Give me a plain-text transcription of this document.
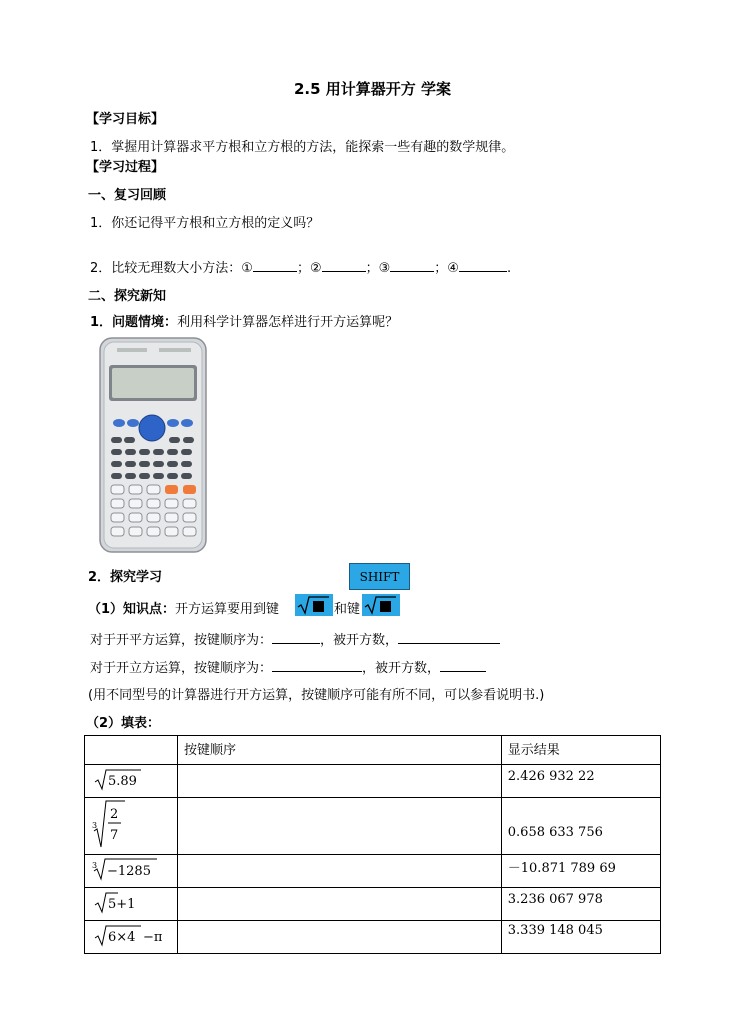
2.5 用计算器开方 学案
【学习目标】
1．掌握用计算器求平方根和立方根的方法，能探索一些有趣的数学规律。
【学习过程】
一、复习回顾
1．你还记得平方根和立方根的定义吗？
2．比较无理数大小方法：①	；②	；③	；④	.
二、探究新知
1．问题情境：利用科学计算器怎样进行开方运算呢？
2．探究学习	SHIFT
（1）知识点：开方运算要用到键	和键
对于开平方运算，按键顺序为：	，被开方数，
对于开立方运算，按键顺序为：	，被开方数，
(用不同型号的计算器进行开方运算，按键顺序可能有所不同，可以参看说明书.)
（2）填表：
	按键顺序	显示结果

5.89		2.426 932 22

3
2
7		0.658 633 756

3 −1285		－10.871 789 69

5+1		3.236 067 978

6×4 −π		3.339 148 045
